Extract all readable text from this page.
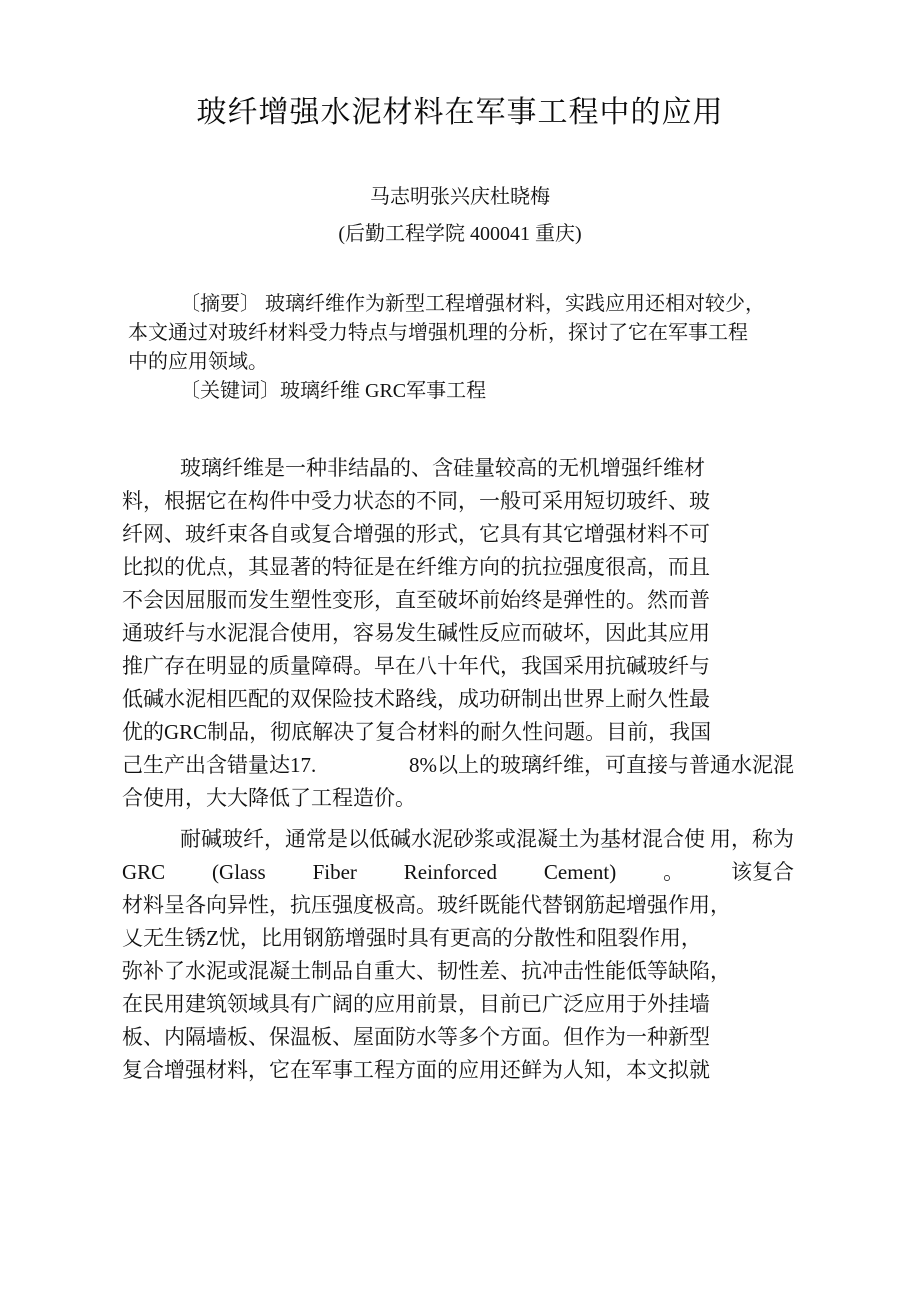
玻纤增强水泥材料在军事工程中的应用
马志明张兴庆杜晓梅
(后勤工程学院 400041 重庆)
〔摘要〕 玻璃纤维作为新型工程增强材料，实践应用还相对较少，
本文通过对玻纤材料受力特点与增强机理的分析，探讨了它在军事工程
中的应用领域。
〔关键词〕玻璃纤维 GRC军事工程
玻璃纤维是一种非结晶的、含硅量较高的无机增强纤维材
料，根据它在构件中受力状态的不同，一般可采用短切玻纤、玻
纤网、玻纤束各自或复合增强的形式，它具有其它增强材料不可
比拟的优点，其显著的特征是在纤维方向的抗拉强度很高，而且
不会因屈服而发生塑性变形，直至破坏前始终是弹性的。然而普
通玻纤与水泥混合使用，容易发生碱性反应而破坏，因此其应用
推广存在明显的质量障碍。早在八十年代，我国采用抗碱玻纤与
低碱水泥相匹配的双保险技术路线，成功研制出世界上耐久性最
优的GRC制品，彻底解决了复合材料的耐久性问题。目前，我国
己生产出含错量达17.	8%以上的玻璃纤维，可直接与普通水泥混
合使用，大大降低了工程造价。
耐碱玻纤，通常是以低碱水泥砂浆或混凝土为基材混合使 用，称为
GRC (Glass Fiber Reinforced Cement) 。 该复合
材料呈各向异性，抗压强度极高。玻纤既能代替钢筋起增强作用，
乂无生锈Z忧，比用钢筋增强时具有更高的分散性和阻裂作用，
弥补了水泥或混凝土制品自重大、韧性差、抗冲击性能低等缺陷，
在民用建筑领域具有广阔的应用前景，目前已广泛应用于外挂墙
板、内隔墙板、保温板、屋面防水等多个方面。但作为一种新型
复合增强材料，它在军事工程方面的应用还鲜为人知，本文拟就
